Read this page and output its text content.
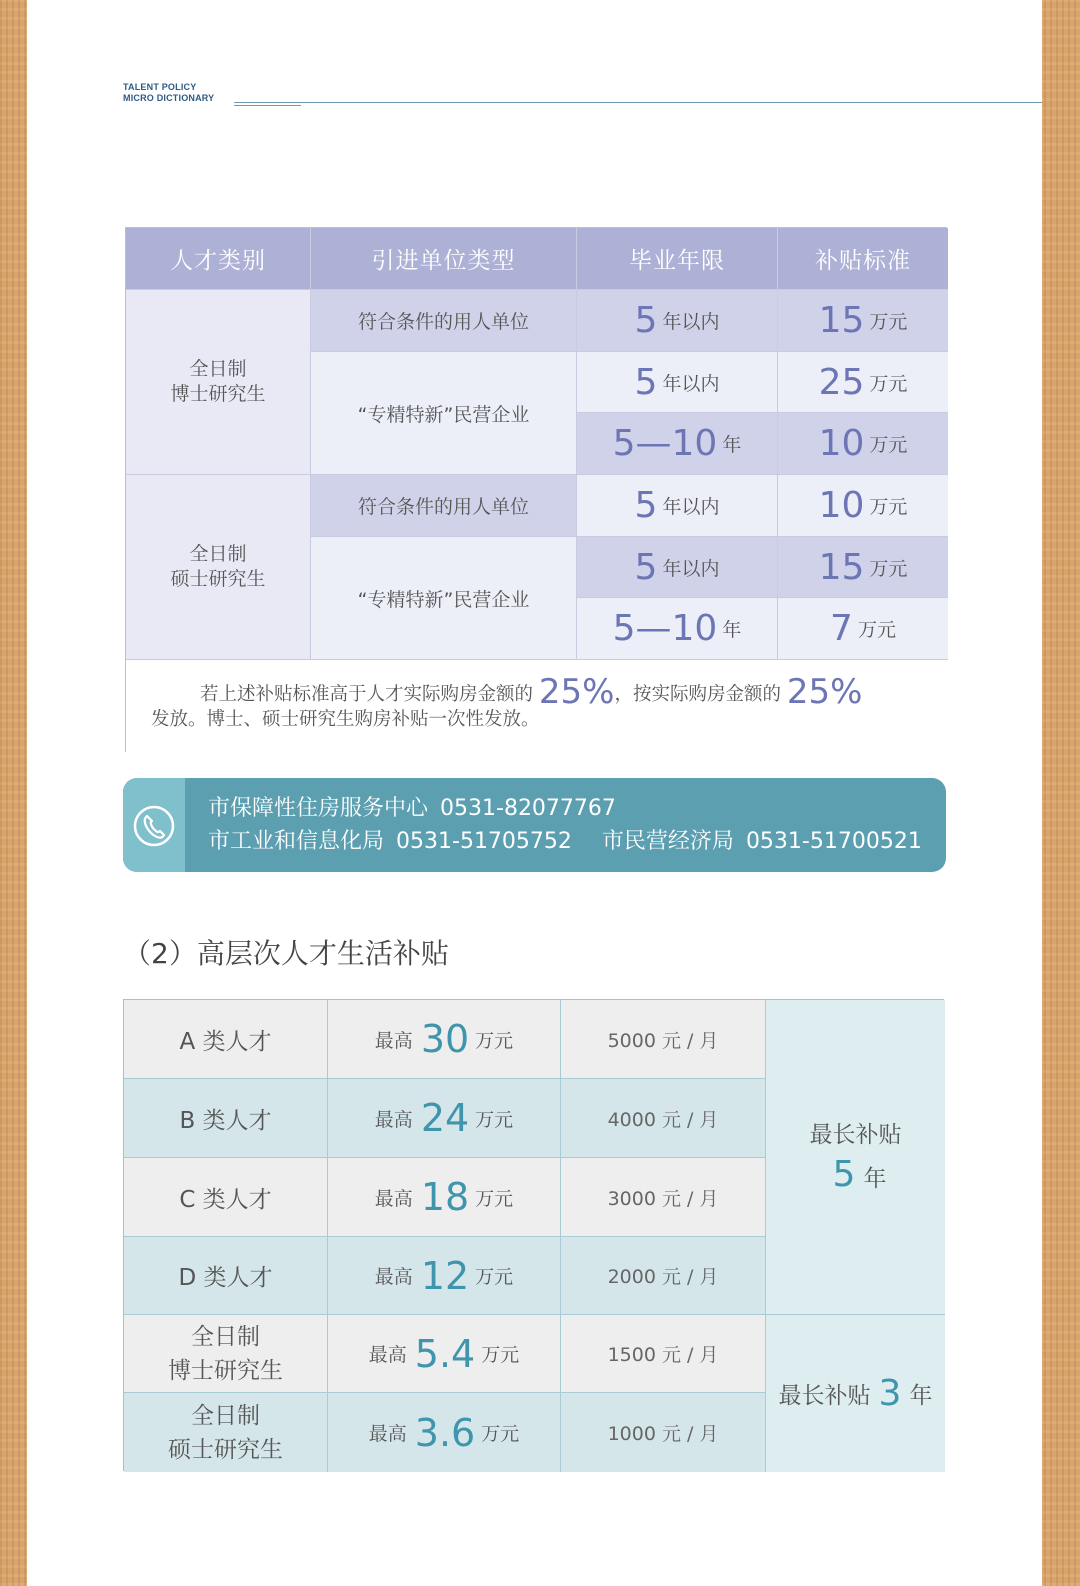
TALENT POLICY
MICRO DICTIONARY
人才类别	引进单位类型	毕业年限	补贴标准
全日制
博士研究生
符合条件的用人单位	5 年以内	15 万元
“专精特新”民营企业
5 年以内	25 万元
5—10 年 10 万元
全日制
硕士研究生
符合条件的用人单位	5 年以内	10 万元
“专精特新”民营企业
5 年以内	15 万元
5—10 年 7 万元
若上述补贴标准高于人才实际购房金额的 25%，按实际购房金额的 25%
发放。博士、硕士研究生购房补贴一次性发放。
市保障性住房服务中心 0531-82077767
市工业和信息化局 0531-51705752 市民营经济局 0531-51700521
（2）高层次人才生活补贴
A 类人才	最高 30 万元	5000 元 / 月
B 类人才	最高 24 万元	4000 元 / 月
C 类人才	最高 18 万元	3000 元 / 月
D 类人才	最高 12 万元	2000 元 / 月
最长补贴
5 年
全日制
博士研究生
最高 5.4 万元	1500 元 / 月
全日制
硕士研究生
最高 3.6 万元	1000 元 / 月
最长补贴 3 年
